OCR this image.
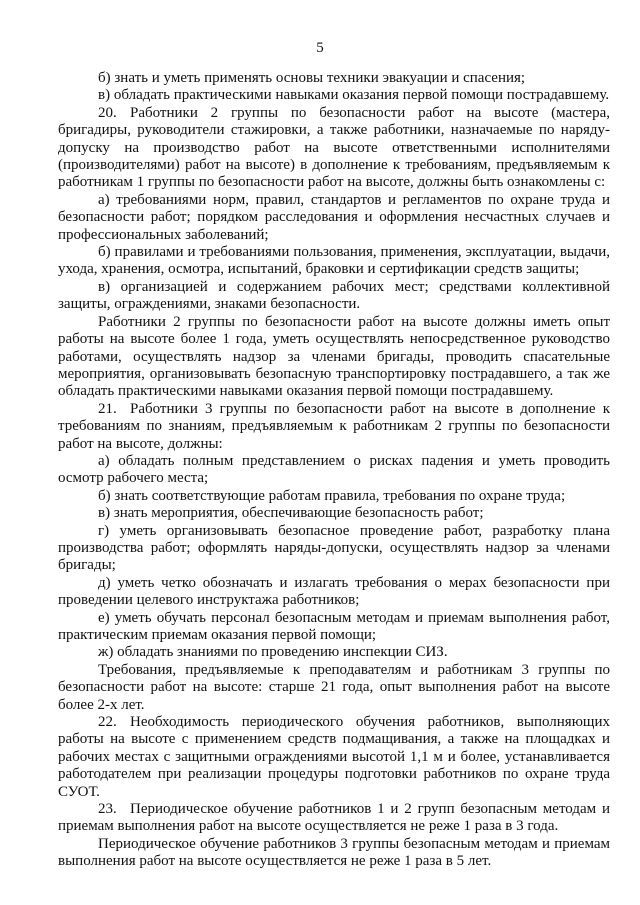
5

б) знать и уметь применять основы техники эвакуации и спасения;

в) обладать практическими навыками оказания первой помощи пострадавшему.

20. Работники 2 группы по безопасности работ на высоте (мастера, бригадиры, руководители стажировки, а также работники, назначаемые по наряду-допуску на производство работ на высоте ответственными исполнителями (производителями) работ на высоте) в дополнение к требованиям, предъявляемым к работникам 1 группы по безопасности работ на высоте, должны быть ознакомлены с:

а) требованиями норм, правил, стандартов и регламентов по охране труда и безопасности работ; порядком расследования и оформления несчастных случаев и профессиональных заболеваний;

б) правилами и требованиями пользования, применения, эксплуатации, выдачи, ухода, хранения, осмотра, испытаний, браковки и сертификации средств защиты;

в) организацией и содержанием рабочих мест; средствами коллективной защиты, ограждениями, знаками безопасности.

Работники 2 группы по безопасности работ на высоте должны иметь опыт работы на высоте более 1 года, уметь осуществлять непосредственное руководство работами, осуществлять надзор за членами бригады, проводить спасательные мероприятия, организовывать безопасную транспортировку пострадавшего, а так же обладать практическими навыками оказания первой помощи пострадавшему.

21. Работники 3 группы по безопасности работ на высоте в дополнение к требованиям по знаниям, предъявляемым к работникам 2 группы по безопасности работ на высоте, должны:

а) обладать полным представлением о рисках падения и уметь проводить осмотр рабочего места;

б) знать соответствующие работам правила, требования по охране труда;

в) знать мероприятия, обеспечивающие безопасность работ;

г) уметь организовывать безопасное проведение работ, разработку плана производства работ; оформлять наряды-допуски, осуществлять надзор за членами бригады;

д) уметь четко обозначать и излагать требования о мерах безопасности при проведении целевого инструктажа работников;

е) уметь обучать персонал безопасным методам и приемам выполнения работ, практическим приемам оказания первой помощи;

ж) обладать знаниями по проведению инспекции СИЗ.

Требования, предъявляемые к преподавателям и работникам 3 группы по безопасности работ на высоте: старше 21 года, опыт выполнения работ на высоте более 2-х лет.

22. Необходимость периодического обучения работников, выполняющих работы на высоте с применением средств подмащивания, а также на площадках и рабочих местах с защитными ограждениями высотой 1,1 м и более, устанавливается работодателем при реализации процедуры подготовки работников по охране труда СУОТ.

23. Периодическое обучение работников 1 и 2 групп безопасным методам и приемам выполнения работ на высоте осуществляется не реже 1 раза в 3 года.

Периодическое обучение работников 3 группы безопасным методам и приемам выполнения работ на высоте осуществляется не реже 1 раза в 5 лет.
